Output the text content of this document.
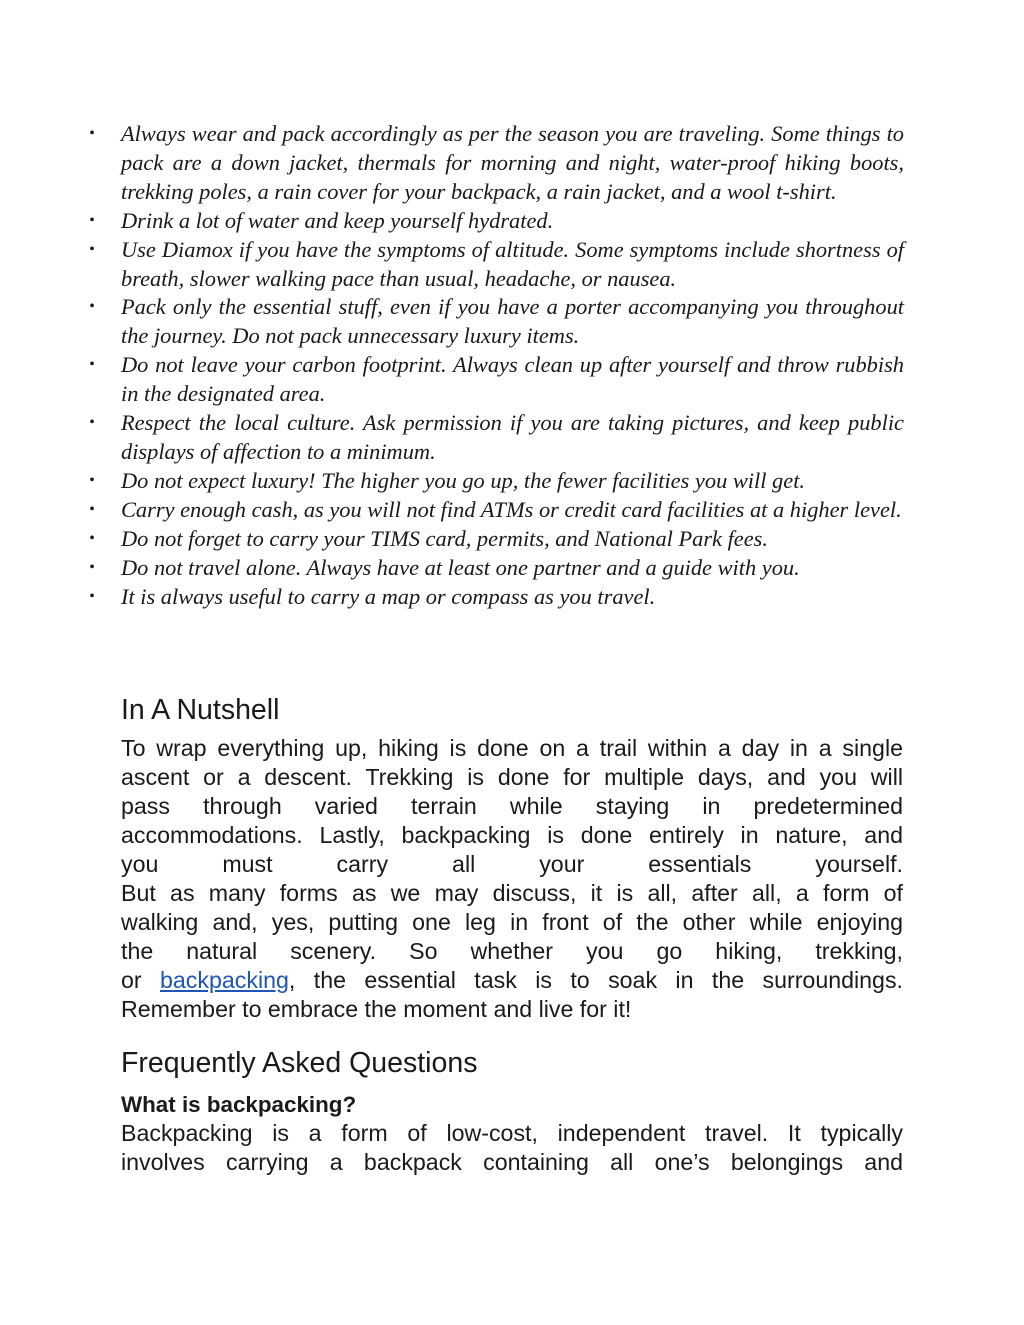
• Always wear and pack accordingly as per the season you are traveling. Some things to pack are a down jacket, thermals for morning and night, water-proof hiking boots, trekking poles, a rain cover for your backpack, a rain jacket, and a wool t-shirt.
• Drink a lot of water and keep yourself hydrated.
• Use Diamox if you have the symptoms of altitude. Some symptoms include shortness of breath, slower walking pace than usual, headache, or nausea.
• Pack only the essential stuff, even if you have a porter accompanying you throughout the journey. Do not pack unnecessary luxury items.
• Do not leave your carbon footprint. Always clean up after yourself and throw rubbish in the designated area.
• Respect the local culture. Ask permission if you are taking pictures, and keep public displays of affection to a minimum.
• Do not expect luxury! The higher you go up, the fewer facilities you will get.
• Carry enough cash, as you will not find ATMs or credit card facilities at a higher level.
• Do not forget to carry your TIMS card, permits, and National Park fees.
• Do not travel alone. Always have at least one partner and a guide with you.
• It is always useful to carry a map or compass as you travel.
In A Nutshell

To wrap everything up, hiking is done on a trail within a day in a single
ascent or a descent. Trekking is done for multiple days, and you will
pass through varied terrain while staying in predetermined
accommodations. Lastly, backpacking is done entirely in nature, and
you must carry all your essentials yourself.
But as many forms as we may discuss, it is all, after all, a form of
walking and, yes, putting one leg in front of the other while enjoying
the natural scenery. So whether you go hiking, trekking,
or backpacking, the essential task is to soak in the surroundings.
Remember to embrace the moment and live for it!

Frequently Asked Questions

What is backpacking?

Backpacking is a form of low-cost, independent travel. It typically
involves carrying a backpack containing all one’s belongings and
